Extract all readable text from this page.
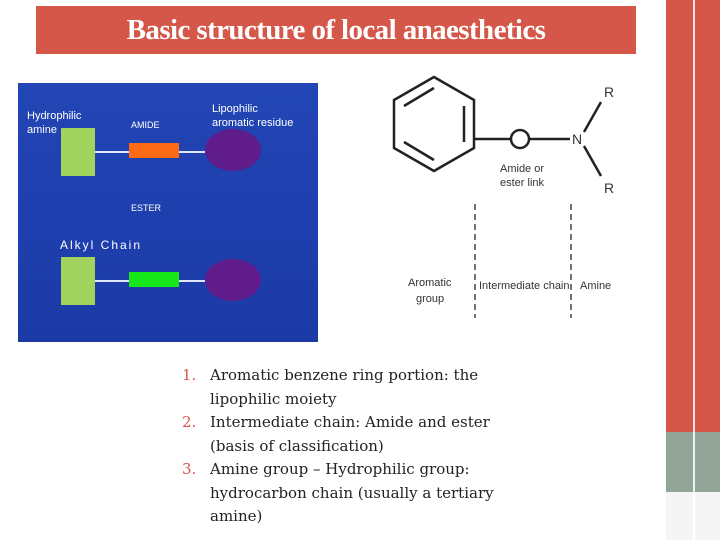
Basic structure of local anaesthetics
Hydrophilic
amine
Lipophilic
aromatic residue
AMIDE
ESTER
Alkyl Chain
R
N
R
Amide or
ester link
Aromatic
group
Intermediate chain Amine
1. Aromatic benzene ring portion: the lipophilic moiety
2. Intermediate chain: Amide and ester (basis of classification)
3. Amine group – Hydrophilic group: hydrocarbon chain (usually a tertiary amine)
